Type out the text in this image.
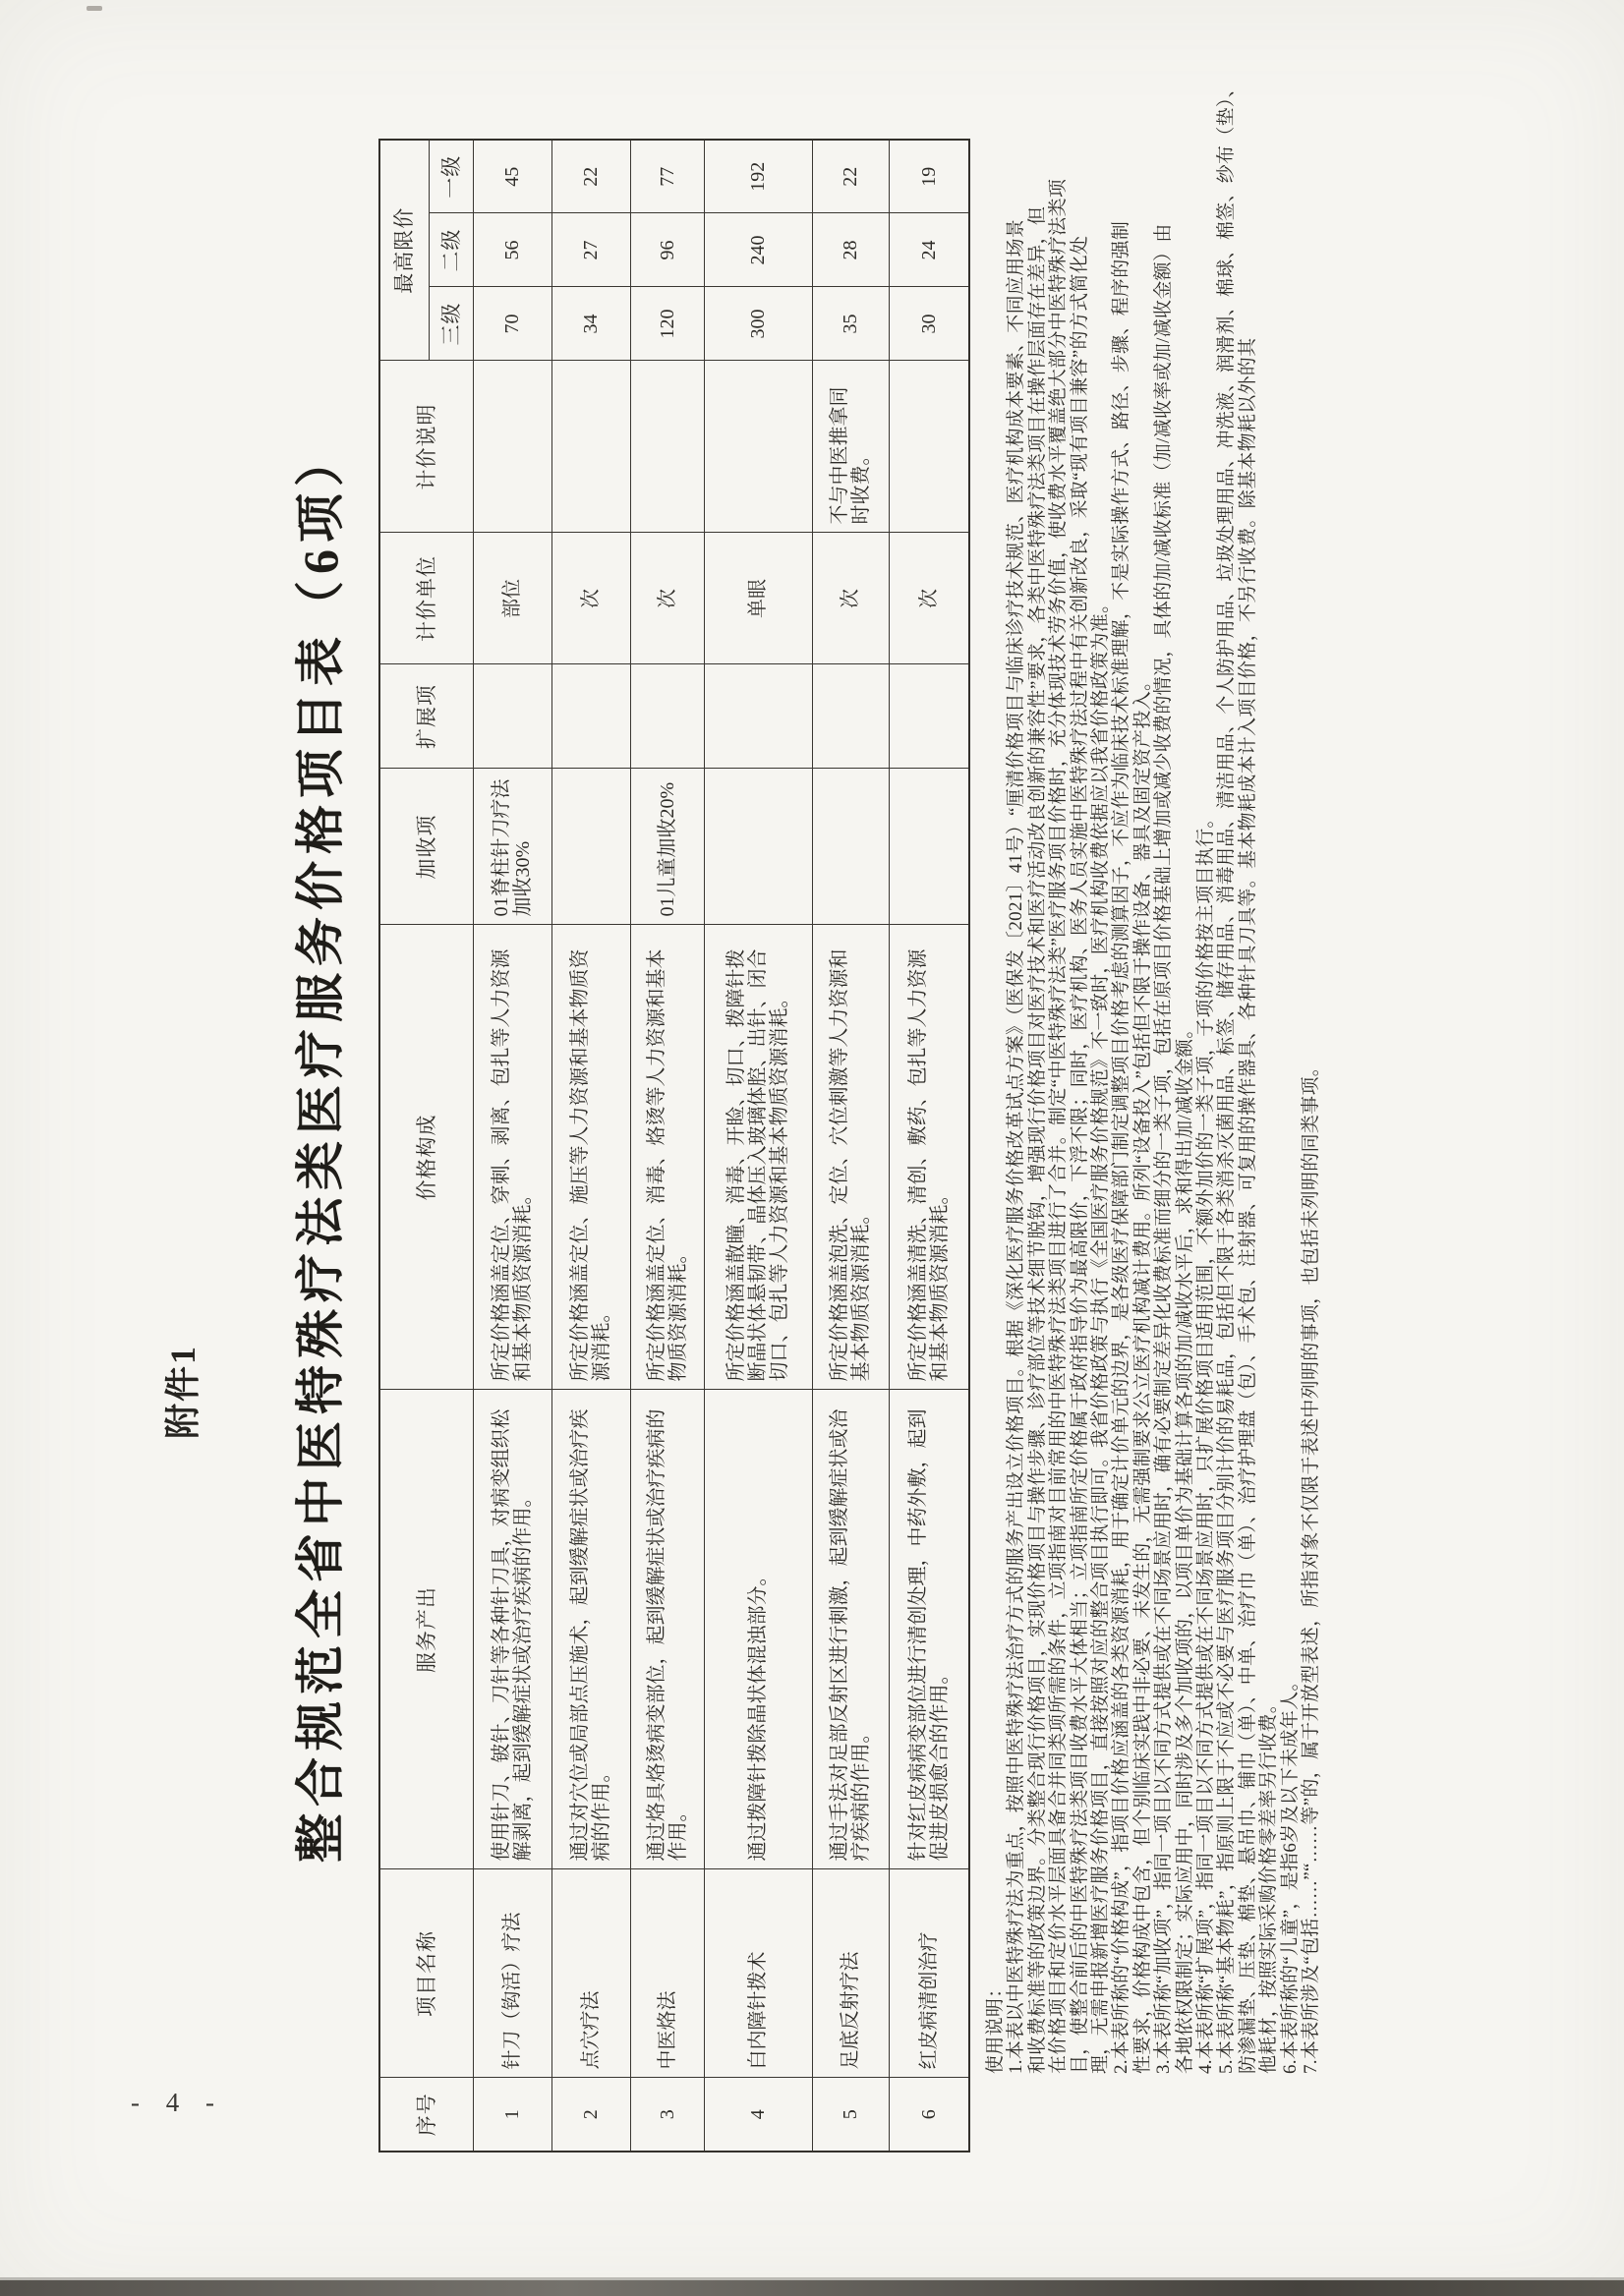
附件1 整合规范全省中医特殊疗法类医疗服务价格项目表（6项）
序号	项目名称	服务产出	价格构成	加收项	扩展项	计价单位	计价说明	最高限价		
								三级	二级	一级
1	针刀（钩活）疗法	使用针刀、铍针、刀针等各种针刀具，对病变组织松解剥离，起到缓解症状或治疗疾病的作用。	所定价格涵盖定位、穿刺、剥离、包扎等人力资源和基本物质资源消耗。	01脊柱针刀疗法加收30%		部位		70	56	45
2	点穴疗法	通过对穴位或局部点压施术，起到缓解症状或治疗疾病的作用。	所定价格涵盖定位、施压等人力资源和基本物质资源消耗。			次		34	27	22
3	中医烙法	通过烙具烙烫病变部位，起到缓解症状或治疗疾病的作用。	所定价格涵盖定位、消毒、烙烫等人力资源和基本物质资源消耗。	01儿童加收20%		次		120	96	77
4	白内障针拨术	通过拨障针拨除晶状体混浊部分。	所定价格涵盖散瞳、消毒、开睑、切口、拨障针拨断晶状体悬韧带、晶体压入玻璃体腔、出针、闭合切口、包扎等人力资源和基本物质资源消耗。			单眼		300	240	192
5	足底反射疗法	通过手法对足部反射区进行刺激，起到缓解症状或治疗疾病的作用。	所定价格涵盖泡洗、定位、穴位刺激等人力资源和基本物质资源消耗。			次	不与中医推拿同时收费。	35	28	22
6	红皮病清创治疗	针对红皮病病变部位进行清创处理，中药外敷，起到促进皮损愈合的作用。	所定价格涵盖清洗、清创、敷药、包扎等人力资源和基本物质资源消耗。			次		30	24	19
使用说明： 1.本表以中医特殊疗法为重点，按照中医特殊疗法治疗方式的服务产出设立价格项目。根据《深化医疗服务价格改革试点方案》（医保发〔2021〕41号）“厘清价格项目与临床诊疗技术规范、医疗机构成本要素、不同应用场景 和收费标准等的政策边界。分类整合现行价格项目，实现价格项目与操作步骤、诊疗部位等技术细节脱钩，增强现行价格项目对医疗技术和医疗活动改良创新的兼容性”要求，各类中医特殊疗法类项目在操作层面存在差异，但 在价格项目和定价水平层面具备合并同类项所需的条件，立项指南对目前常用的中医特殊疗法类项目进行了合并。制定“中医特殊疗法类”医疗服务项目价格时，充分体现技术劳务价值，使收费水平覆盖绝大部分中医特殊疗法类项 目，使整合前后的中医特殊疗法类项目收费水平大体相当；立项指南所定价格属于政府指导价为最高限价，下浮不限；同时，医疗机构、医务人员实施中医特殊疗法过程中有关创新改良，采取“现有项目兼容”的方式简化处 理，无需申报新增医疗服务价格项目，直接按照对应的整合项目执行即可。我省价格政策与执行《全国医疗服务价格规范》不一致时，医疗机构收费依据应以我省价格政策为准。 2.本表所称的“价格构成”，指项目价格应涵盖的各类资源消耗，用于确定计价单元的边界，是各级医疗保障部门制定调整项目价格考虑的测算因子，不应作为临床技术标准理解，不是实际操作方式、路径、步骤、程序的强制 性要求，价格构成中包含，但个别临床实践中非必要、未发生的，无需强制要求公立医疗机构减计费用。所列“设备投入”包括但不限于操作设备、器具及固定资产投入。 3.本表所称“加收项”，指同一项目以不同方式提供或在不同场景应用时，确有必要制定差异化收费标准而细分的一类子项，包括在原项目价格基础上增加或减少收费的情况，具体的加/减收标准（加/减收率或加/减收金额）由 各地依权限制定；实际应用中，同时涉及多个加收项的，以项目单价为基础计算各项的加/减收水平后，求和得出加/减收金额。 4.本表所称“扩展项”，指同一项目以不同方式提供或在不同场景应用时，只扩展价格项目适用范围，不额外加价的一类子项，子项的价格按主项目执行。 5.本表所称“基本物耗”，指原则上限于不应或不必要与医疗服务项目分别计价的易耗品，包括但不限于各类消杀灭菌用品、标签、储存用品、消毒用品、清洁用品、个人防护用品、垃圾处理用品、冲洗液、润滑剂、棉球、棉签、纱布（垫）、 防渗漏垫、压垫、棉垫、悬吊巾、铺巾（单）、中单、治疗巾（单）、治疗护理盘（包）、手术包、注射器、可复用的操作器具、各种针具刀具等。基本物耗成本计入项目价格，不另行收费。除基本物耗以外的其 他耗材，按照实际采购价格零差率另行收费。 6.本表所称的“儿童”，是指6岁及以下未成年人。 7.本表所涉及“包括……”“……等”的，属于开放型表述，所指对象不仅限于表述中列明的事项，也包括未列明的同类事项。
- 4 -
